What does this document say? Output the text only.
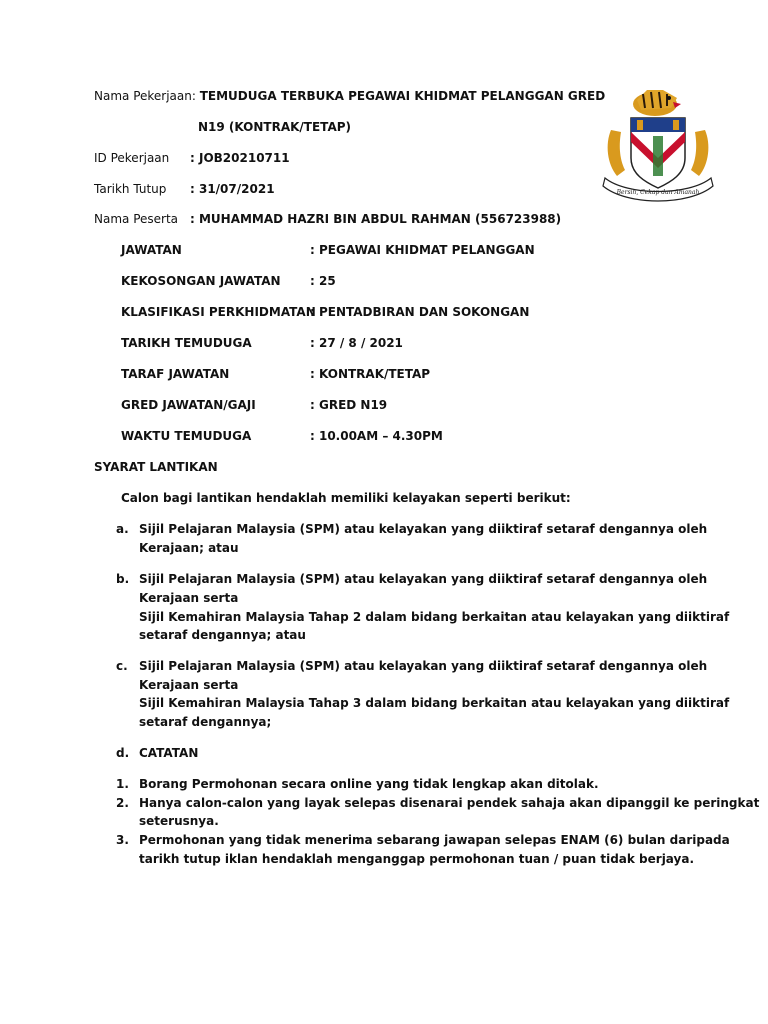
Nama Pekerjaan: TEMUDUGA TERBUKA PEGAWAI KHIDMAT PELANGGAN GRED
N19 (KONTRAK/TETAP)
ID Pekerjaan : JOB20210711
Tarikh Tutup : 31/07/2021
Nama Peserta : MUHAMMAD HAZRI BIN ABDUL RAHMAN (556723988)
Bersih, Cekap dan Amanah
JAWATAN	: PEGAWAI KHIDMAT PELANGGAN
KEKOSONGAN JAWATAN : 25
KLASIFIKASI PERKHIDMATAN
: PENTADBIRAN DAN SOKONGAN
TARIKH TEMUDUGA	: 27 / 8 / 2021
TARAF JAWATAN	: KONTRAK/TETAP
GRED JAWATAN/GAJI	: GRED N19
WAKTU TEMUDUGA	: 10.00AM – 4.30PM
SYARAT LANTIKAN
Calon bagi lantikan hendaklah memiliki kelayakan seperti berikut:
a. Sijil Pelajaran Malaysia (SPM) atau kelayakan yang diiktiraf setaraf dengannya oleh
Kerajaan; atau
b. Sijil Pelajaran Malaysia (SPM) atau kelayakan yang diiktiraf setaraf dengannya oleh
Kerajaan serta
Sijil Kemahiran Malaysia Tahap 2 dalam bidang berkaitan atau kelayakan yang diiktiraf
setaraf dengannya; atau
c. Sijil Pelajaran Malaysia (SPM) atau kelayakan yang diiktiraf setaraf dengannya oleh
Kerajaan serta
Sijil Kemahiran Malaysia Tahap 3 dalam bidang berkaitan atau kelayakan yang diiktiraf
setaraf dengannya;
d. CATATAN
1. Borang Permohonan secara online yang tidak lengkap akan ditolak.
2. Hanya calon-calon yang layak selepas disenarai pendek sahaja akan dipanggil ke peringkat
seterusnya.
3. Permohonan yang tidak menerima sebarang jawapan selepas ENAM (6) bulan daripada
tarikh tutup iklan hendaklah menganggap permohonan tuan / puan tidak berjaya.
